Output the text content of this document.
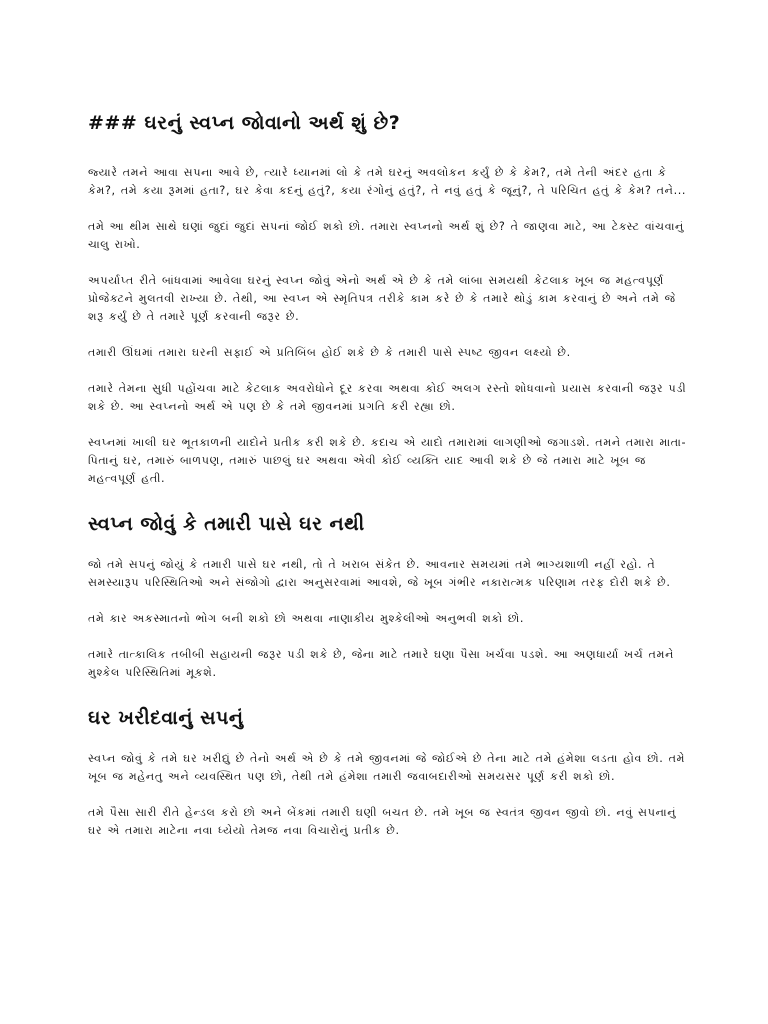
### ઘરનું સ્વપ્ન જોવાનો અર્થ શું છે?

જ્યારે તમને આવા સપના આવે છે, ત્યારે ધ્યાનમાં લો કે તમે ઘરનું અવલોકન કર્યું છે કે કેમ?, તમે તેની અંદર હતા કે કેમ?, તમે કયા રૂમમાં હતા?, ઘર કેવા કદનું હતું?, કયા રંગોનું હતું?, તે નવું હતું કે જૂનું?, તે પરિચિત હતું કે કેમ? તને...

તમે આ થીમ સાથે ઘણાં જુદાં જુદાં સપનાં જોઈ શકો છો. તમારા સ્વપ્નનો અર્થ શું છે? તે જાણવા માટે, આ ટેક્સ્ટ વાંચવાનું ચાલુ રાખો.

અપર્યાપ્ત રીતે બાંધવામાં આવેલા ઘરનું સ્વપ્ન જોવું એનો અર્થ એ છે કે તમે લાંબા સમયથી કેટલાક ખૂબ જ મહત્વપૂર્ણ પ્રોજેક્ટને મુલતવી રાખ્યા છે. તેથી, આ સ્વપ્ન એ સ્મૃતિપત્ર તરીકે કામ કરે છે કે તમારે થોડું કામ કરવાનું છે અને તમે જે શરૂ કર્યું છે તે તમારે પૂર્ણ કરવાની જરૂર છે.

તમારી ઊંઘમાં તમારા ઘરની સફાઈ એ પ્રતિબિંબ હોઈ શકે છે કે તમારી પાસે સ્પષ્ટ જીવન લક્ષ્યો છે.

તમારે તેમના સુધી પહોંચવા માટે કેટલાક અવરોધોને દૂર કરવા અથવા કોઈ અલગ રસ્તો શોધવાનો પ્રયાસ કરવાની જરૂર પડી શકે છે. આ સ્વપ્નનો અર્થ એ પણ છે કે તમે જીવનમાં પ્રગતિ કરી રહ્યા છો.

સ્વપ્નમાં ખાલી ઘર ભૂતકાળની યાદોને પ્રતીક કરી શકે છે. કદાચ એ યાદો તમારામાં લાગણીઓ જગાડશે. તમને તમારા માતા-પિતાનું ઘર, તમારું બાળપણ, તમારું પાછલું ઘર અથવા એવી કોઈ વ્યક્તિ યાદ આવી શકે છે જે તમારા માટે ખૂબ જ મહત્વપૂર્ણ હતી.

સ્વપ્ન જોવું કે તમારી પાસે ઘર નથી

જો તમે સપનું જોયું કે તમારી પાસે ઘર નથી, તો તે ખરાબ સંકેત છે. આવનાર સમયમાં તમે ભાગ્યશાળી નહીં રહો. તે સમસ્યારૂપ પરિસ્થિતિઓ અને સંજોગો દ્વારા અનુસરવામાં આવશે, જે ખૂબ ગંભીર નકારાત્મક પરિણામ તરફ દોરી શકે છે.

તમે કાર અકસ્માતનો ભોગ બની શકો છો અથવા નાણાકીય મુશ્કેલીઓ અનુભવી શકો છો.

તમારે તાત્કાલિક તબીબી સહાયની જરૂર પડી શકે છે, જેના માટે તમારે ઘણા પૈસા ખર્ચવા પડશે. આ અણધાર્યા ખર્ચ તમને મુશ્કેલ પરિસ્થિતિમાં મૂકશે.

ઘર ખરીદવાનું સપનું

સ્વપ્ન જોવું કે તમે ઘર ખરીદ્યું છે તેનો અર્થ એ છે કે તમે જીવનમાં જે જોઈએ છે તેના માટે તમે હંમેશા લડતા હોવ છો. તમે ખૂબ જ મહેનતુ અને વ્યવસ્થિત પણ છો, તેથી તમે હંમેશા તમારી જવાબદારીઓ સમયસર પૂર્ણ કરી શકો છો.

તમે પૈસા સારી રીતે હેન્ડલ કરો છો અને બેંકમાં તમારી ઘણી બચત છે. તમે ખૂબ જ સ્વતંત્ર જીવન જીવો છો. નવું સપનાનું ઘર એ તમારા માટેના નવા ધ્યેયો તેમજ નવા વિચારોનું પ્રતીક છે.
